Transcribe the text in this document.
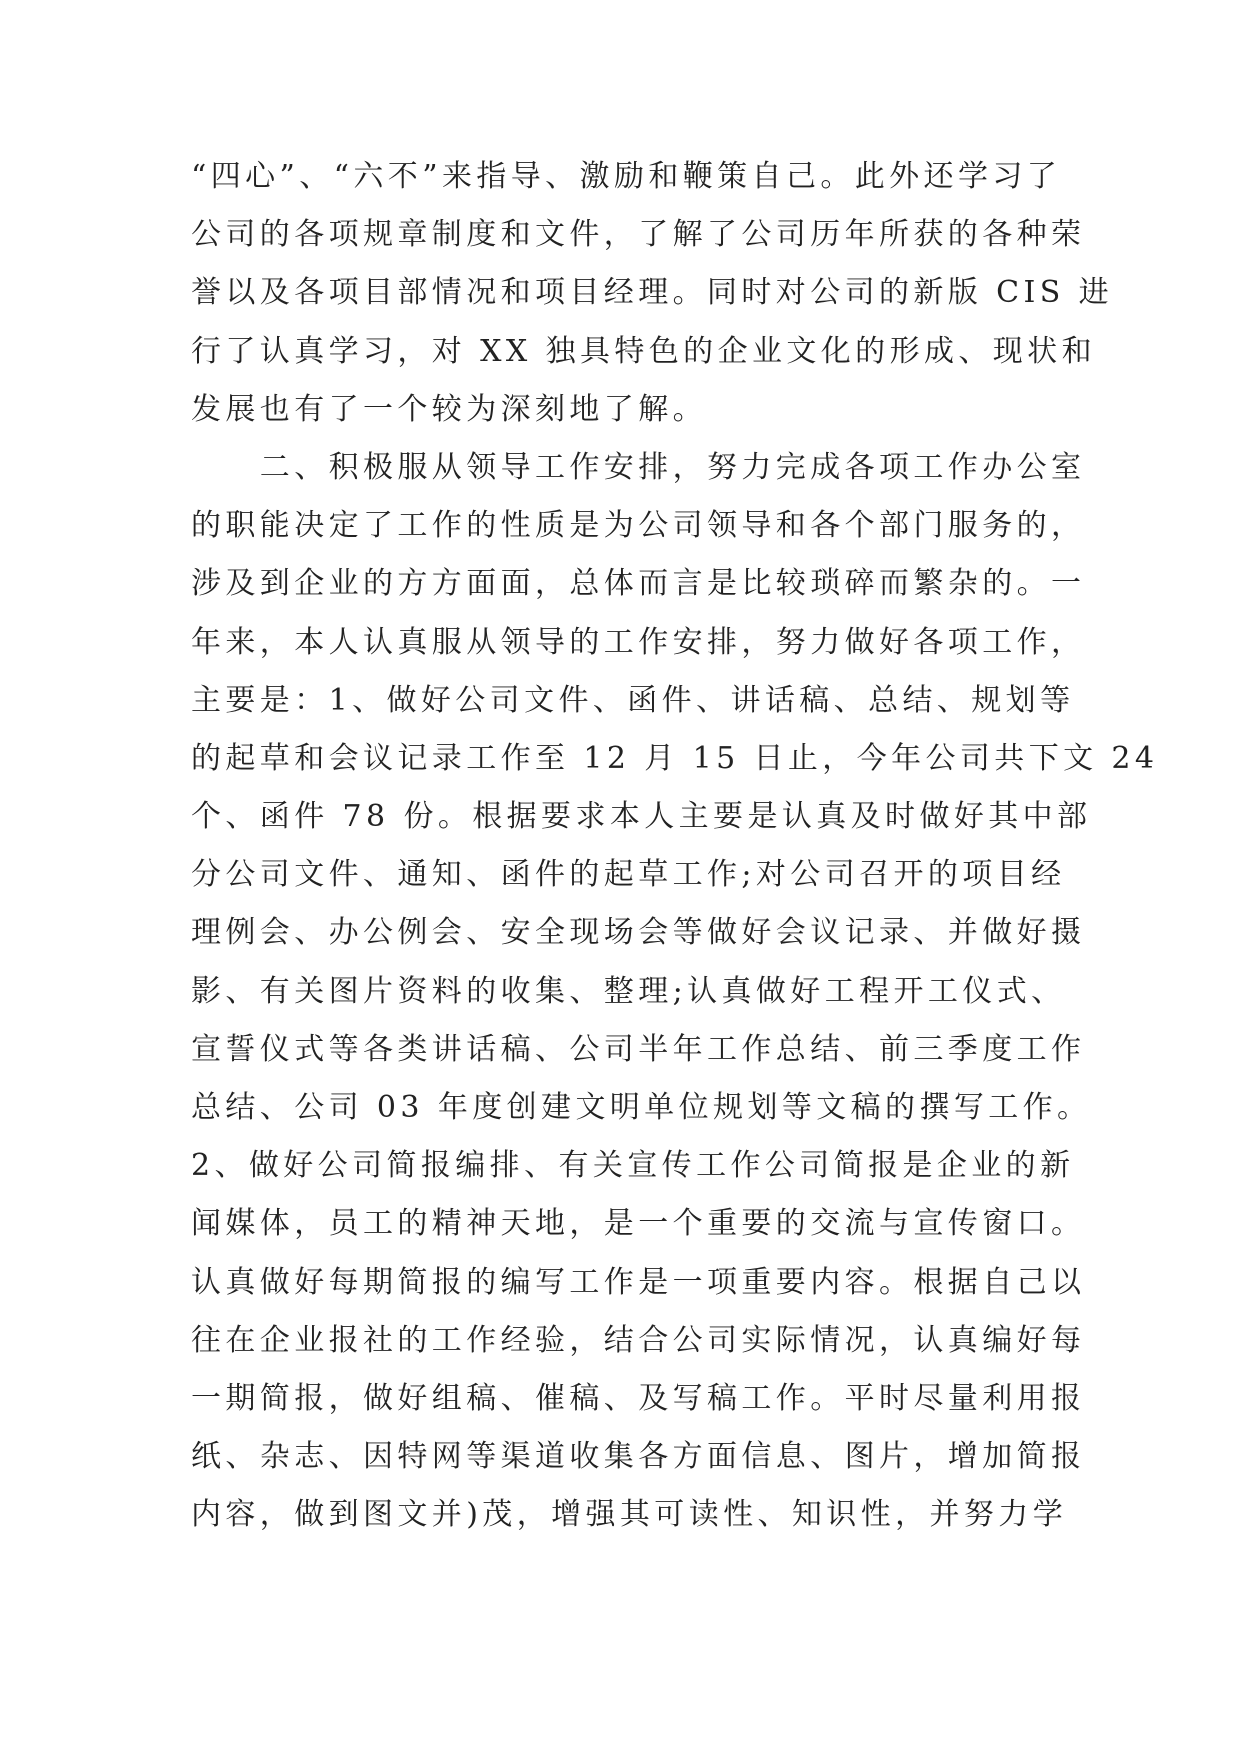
“四心”、“六不”来指导、激励和鞭策自己。此外还学习了
公司的各项规章制度和文件，了解了公司历年所获的各种荣
誉以及各项目部情况和项目经理。同时对公司的新版 CIS 进
行了认真学习，对 XX 独具特色的企业文化的形成、现状和
发展也有了一个较为深刻地了解。
　　二、积极服从领导工作安排，努力完成各项工作办公室
的职能决定了工作的性质是为公司领导和各个部门服务的，
涉及到企业的方方面面，总体而言是比较琐碎而繁杂的。一
年来，本人认真服从领导的工作安排，努力做好各项工作，
主要是：1、做好公司文件、函件、讲话稿、总结、规划等
的起草和会议记录工作至 12 月 15 日止，今年公司共下文 24
个、函件 78 份。根据要求本人主要是认真及时做好其中部
分公司文件、通知、函件的起草工作;对公司召开的项目经
理例会、办公例会、安全现场会等做好会议记录、并做好摄
影、有关图片资料的收集、整理;认真做好工程开工仪式、
宣誓仪式等各类讲话稿、公司半年工作总结、前三季度工作
总结、公司 03 年度创建文明单位规划等文稿的撰写工作。
2、做好公司简报编排、有关宣传工作公司简报是企业的新
闻媒体，员工的精神天地，是一个重要的交流与宣传窗口。
认真做好每期简报的编写工作是一项重要内容。根据自己以
往在企业报社的工作经验，结合公司实际情况，认真编好每
一期简报，做好组稿、催稿、及写稿工作。平时尽量利用报
纸、杂志、因特网等渠道收集各方面信息、图片，增加简报
内容，做到图文并)茂，增强其可读性、知识性，并努力学
